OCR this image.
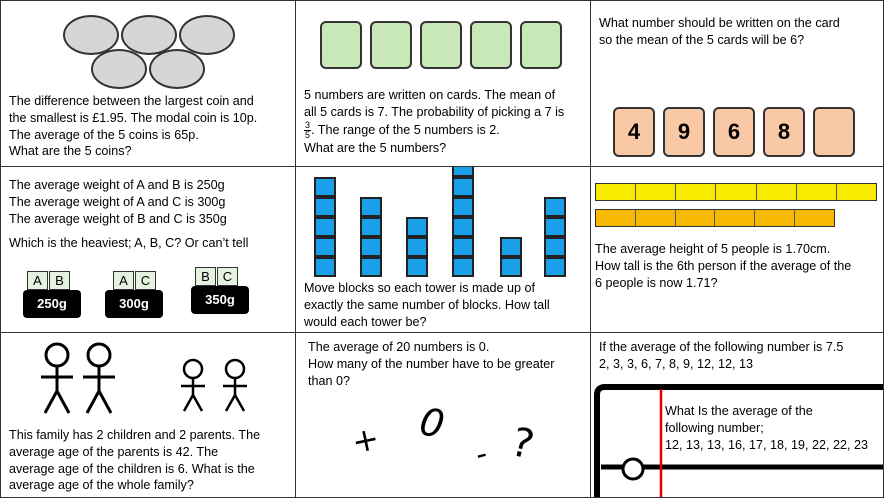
The difference between the largest coin and
the smallest is £1.95. The modal coin is 10p.
The average of the 5 coins is 65p.
What are the 5 coins?
5 numbers are written on cards. The mean of
all 5 cards is 7. The probability of picking a 7 is
$\frac{3}{5}$ . The range of the 5 numbers is 2.
What are the 5 numbers?
What number should be written on the card
so the mean of the 5 cards will be 6?
4	9	6	8
The average weight of A and B is 250g
The average weight of A and C is 300g
The average weight of B and C is 350g
Which is the heaviest; A, B, C? Or can’t tell
A	B
250g
A C
300g
B C
350g
Move blocks so each tower is made up of
exactly the same number of blocks. How tall
would each tower be?
The average height of 5 people is 1.70cm.
How tall is the 6th person if the average of the
6 people is now 1.71?
This family has 2 children and 2 parents. The
average age of the parents is 42. The
average age of the children is 6. What is the
average age of the whole family?
The average of 20 numbers is 0.
How many of the number have to be greater
than 0?
+ 0
- ?
If the average of the following number is 7.5
2, 3, 3, 6, 7, 8, 9, 12, 12, 13
What Is the average of the
following number;
12, 13, 13, 16, 17, 18, 19, 22, 22, 23
